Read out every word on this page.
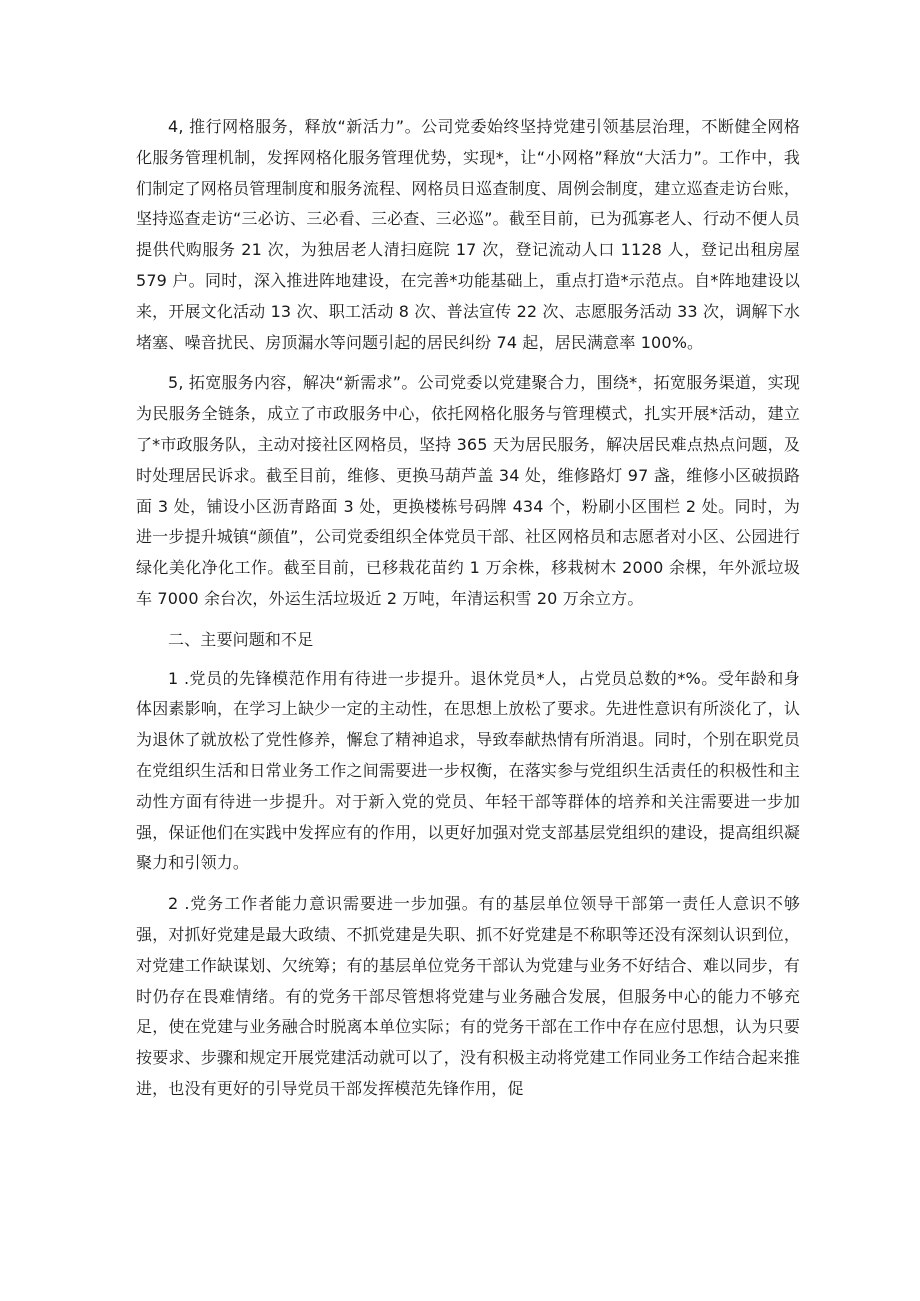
4, 推行网格服务，释放“新活力”。公司党委始终坚持党建引领基层治理，不断健全网格化服务管理机制，发挥网格化服务管理优势，实现*，让“小网格”释放“大活力”。工作中，我们制定了网格员管理制度和服务流程、网格员日巡查制度、周例会制度，建立巡查走访台账，坚持巡查走访“三必访、三必看、三必查、三必巡”。截至目前，已为孤寡老人、行动不便人员提供代购服务 21 次，为独居老人清扫庭院 17 次，登记流动人口 1128 人，登记出租房屋 579 户。同时，深入推进阵地建设，在完善*功能基础上，重点打造*示范点。自*阵地建设以来，开展文化活动 13 次、职工活动 8 次、普法宣传 22 次、志愿服务活动 33 次，调解下水堵塞、噪音扰民、房顶漏水等问题引起的居民纠纷 74 起，居民满意率 100%。

5, 拓宽服务内容，解决“新需求”。公司党委以党建聚合力，围绕*，拓宽服务渠道，实现为民服务全链条，成立了市政服务中心，依托网格化服务与管理模式，扎实开展*活动，建立了*市政服务队，主动对接社区网格员，坚持 365 天为居民服务，解决居民难点热点问题，及时处理居民诉求。截至目前，维修、更换马葫芦盖 34 处，维修路灯 97 盏，维修小区破损路面 3 处，铺设小区沥青路面 3 处，更换楼栋号码牌 434 个，粉刷小区围栏 2 处。同时，为进一步提升城镇“颜值”，公司党委组织全体党员干部、社区网格员和志愿者对小区、公园进行绿化美化净化工作。截至目前，已移栽花苗约 1 万余株，移栽树木 2000 余棵，年外派垃圾车 7000 余台次，外运生活垃圾近 2 万吨，年清运积雪 20 万余立方。

二、主要问题和不足

1 .党员的先锋模范作用有待进一步提升。退休党员*人，占党员总数的*%。受年龄和身体因素影响，在学习上缺少一定的主动性，在思想上放松了要求。先进性意识有所淡化了，认为退休了就放松了党性修养，懈怠了精神追求，导致奉献热情有所消退。同时，个别在职党员在党组织生活和日常业务工作之间需要进一步权衡，在落实参与党组织生活责任的积极性和主动性方面有待进一步提升。对于新入党的党员、年轻干部等群体的培养和关注需要进一步加强，保证他们在实践中发挥应有的作用，以更好加强对党支部基层党组织的建设，提高组织凝聚力和引领力。

2 .党务工作者能力意识需要进一步加强。有的基层单位领导干部第一责任人意识不够强，对抓好党建是最大政绩、不抓党建是失职、抓不好党建是不称职等还没有深刻认识到位，对党建工作缺谋划、欠统筹；有的基层单位党务干部认为党建与业务不好结合、难以同步，有时仍存在畏难情绪。有的党务干部尽管想将党建与业务融合发展，但服务中心的能力不够充足，使在党建与业务融合时脱离本单位实际；有的党务干部在工作中存在应付思想，认为只要按要求、步骤和规定开展党建活动就可以了，没有积极主动将党建工作同业务工作结合起来推进，也没有更好的引导党员干部发挥模范先锋作用，促
